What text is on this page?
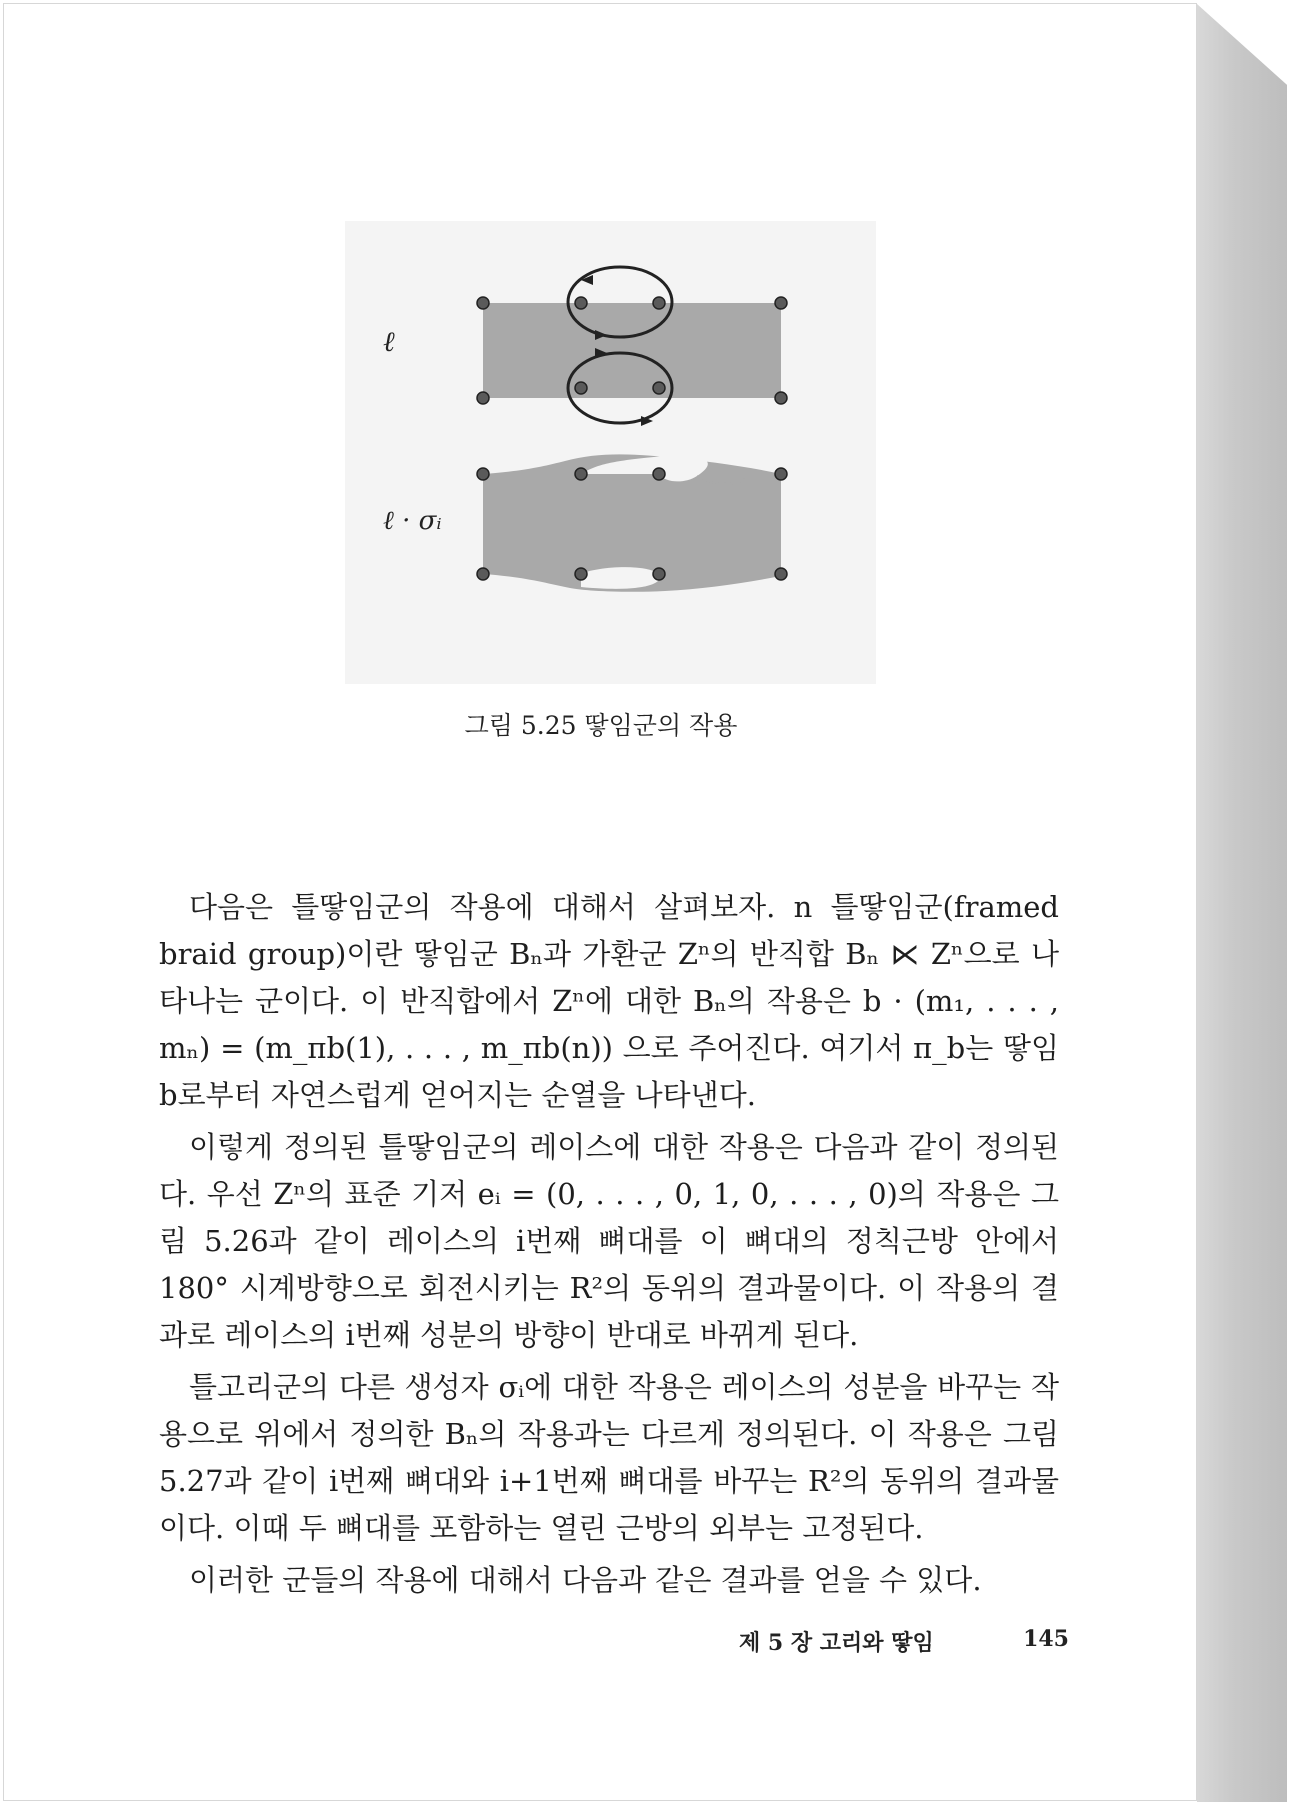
ℓ
ℓ · σᵢ
그림 5.25 땋임군의 작용

다음은 틀땋임군의 작용에 대해서 살펴보자. n 틀땋임군(framed braid group)이란 땋임군 Bₙ과 가환군 Zⁿ의 반직합 Bₙ ⋉ Zⁿ으로 나타나는 군이다. 이 반직합에서 Zⁿ에 대한 Bₙ의 작용은 b · (m₁, . . . , mₙ) = (m_πb(1), . . . , m_πb(n)) 으로 주어진다. 여기서 π_b는 땋임 b로부터 자연스럽게 얻어지는 순열을 나타낸다.

이렇게 정의된 틀땋임군의 레이스에 대한 작용은 다음과 같이 정의된다. 우선 Zⁿ의 표준 기저 eᵢ = (0, . . . , 0, 1, 0, . . . , 0)의 작용은 그림 5.26과 같이 레이스의 i번째 뼈대를 이 뼈대의 정칙근방 안에서 180° 시계방향으로 회전시키는 R²의 동위의 결과물이다. 이 작용의 결과로 레이스의 i번째 성분의 방향이 반대로 바뀌게 된다.

틀고리군의 다른 생성자 σᵢ에 대한 작용은 레이스의 성분을 바꾸는 작용으로 위에서 정의한 Bₙ의 작용과는 다르게 정의된다. 이 작용은 그림 5.27과 같이 i번째 뼈대와 i+1번째 뼈대를 바꾸는 R²의 동위의 결과물이다. 이때 두 뼈대를 포함하는 열린 근방의 외부는 고정된다.

이러한 군들의 작용에 대해서 다음과 같은 결과를 얻을 수 있다.

제 5 장 고리와 땋임	145
